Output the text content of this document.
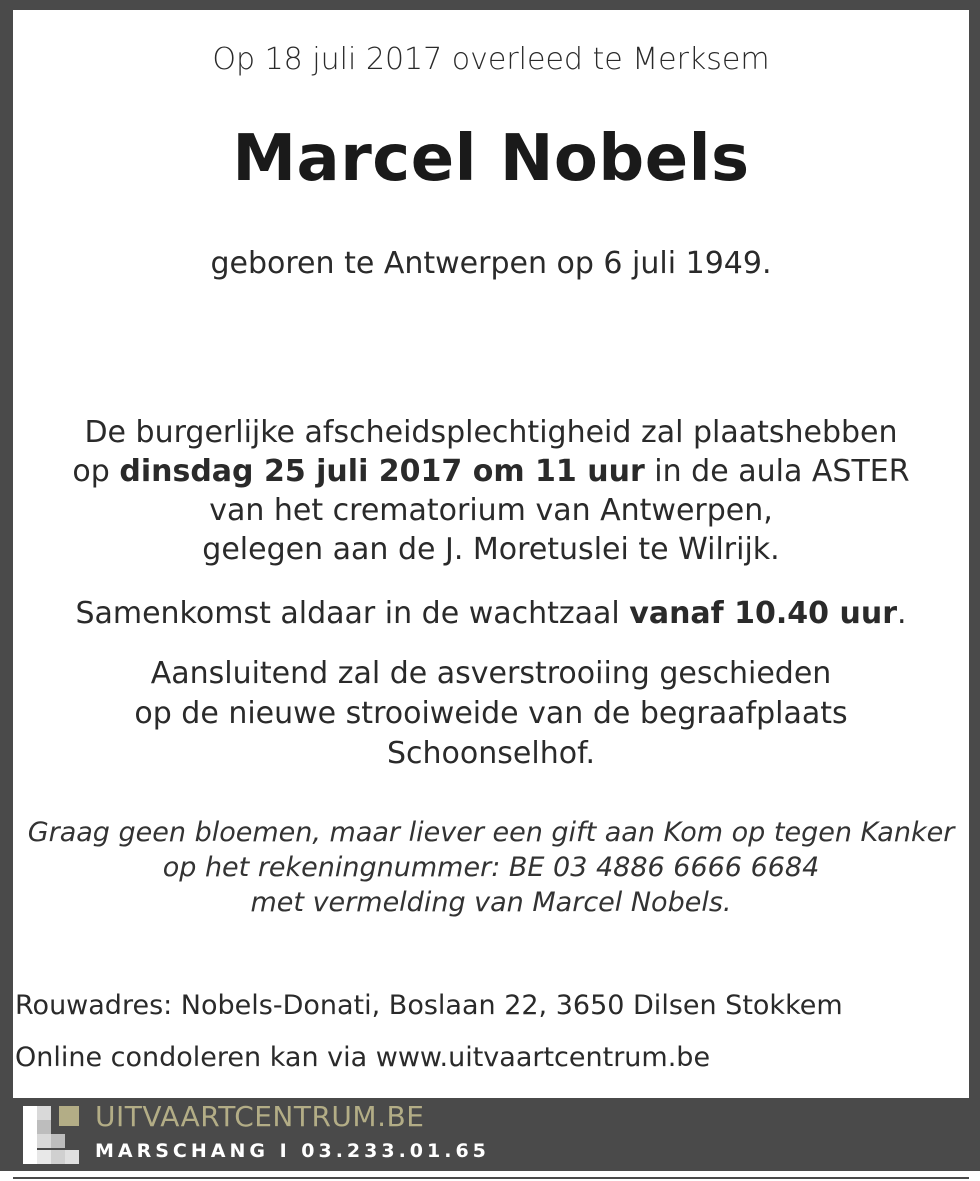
Op 18 juli 2017 overleed te Merksem
Marcel Nobels
geboren te Antwerpen op 6 juli 1949.
De burgerlijke afscheidsplechtigheid zal plaatshebben
op dinsdag 25 juli 2017 om 11 uur in de aula ASTER
van het crematorium van Antwerpen,
gelegen aan de J. Moretuslei te Wilrijk.
Samenkomst aldaar in de wachtzaal vanaf 10.40 uur.
Aansluitend zal de asverstrooiing geschieden
op de nieuwe strooiweide van de begraafplaats
Schoonselhof.
Graag geen bloemen, maar liever een gift aan Kom op tegen Kanker
op het rekeningnummer: BE 03 4886 6666 6684
met vermelding van Marcel Nobels.
Rouwadres: Nobels-Donati, Boslaan 22, 3650 Dilsen Stokkem
Online condoleren kan via www.uitvaartcentrum.be
UITVAARTCENTRUM.BE
MARSCHANG I 03.233.01.65
